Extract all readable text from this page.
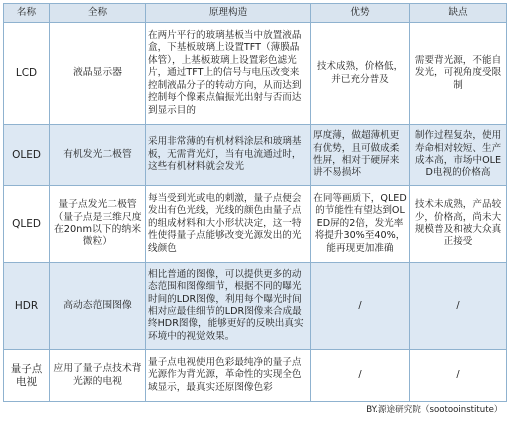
名称	全称	原理构造	优势	缺点
LCD	液晶显示器	在两片平行的玻璃基板当中放置液晶盒，下基板玻璃上设置TFT（薄膜晶体管），上基板玻璃上设置彩色滤光片，通过TFT上的信号与电压改变来控制液晶分子的转动方向，从而达到控制每个像素点偏振光出射与否而达到显示目的	技术成熟，价格低，并已充分普及	需要背光源，不能自发光，可视角度受限制
OLED	有机发光二极管	采用非常薄的有机材料涂层和玻璃基板，无需背光灯，当有电流通过时，这些有机材料就会发光	厚度薄，做超薄机更有优势，且可做成柔性屏，相对于硬屏来讲不易损坏	制作过程复杂，使用寿命相对较短、生产成本高，市场中OLED电视的价格高
QLED	量子点发光二极管（量子点是三维尺度在20nm以下的纳米微粒）	每当受到光或电的刺激，量子点便会发出有色光线，光线的颜色由量子点的组成材料和大小形状决定，这一特性使得量子点能够改变光源发出的光线颜色	在同等画质下，QLED的节能性有望达到OLED屏的2倍，发光率将提升30%至40%，能再现更加准确	技术未成熟，产品较少，价格高，尚未大规模普及和被大众真正接受
HDR	高动态范围图像	相比普通的图像，可以提供更多的动态范围和图像细节，根据不同的曝光时间的LDR图像，利用每个曝光时间相对应最佳细节的LDR图像来合成最终HDR图像，能够更好的反映出真实环境中的视觉效果。	/	/
量子点电视	应用了量子点技术背光源的电视	量子点电视使用色彩最纯净的量子点光源作为背光源，革命性的实现全色域显示，最真实还原图像色彩	/	/
BY.源途研究院（sootooinstitute）				
